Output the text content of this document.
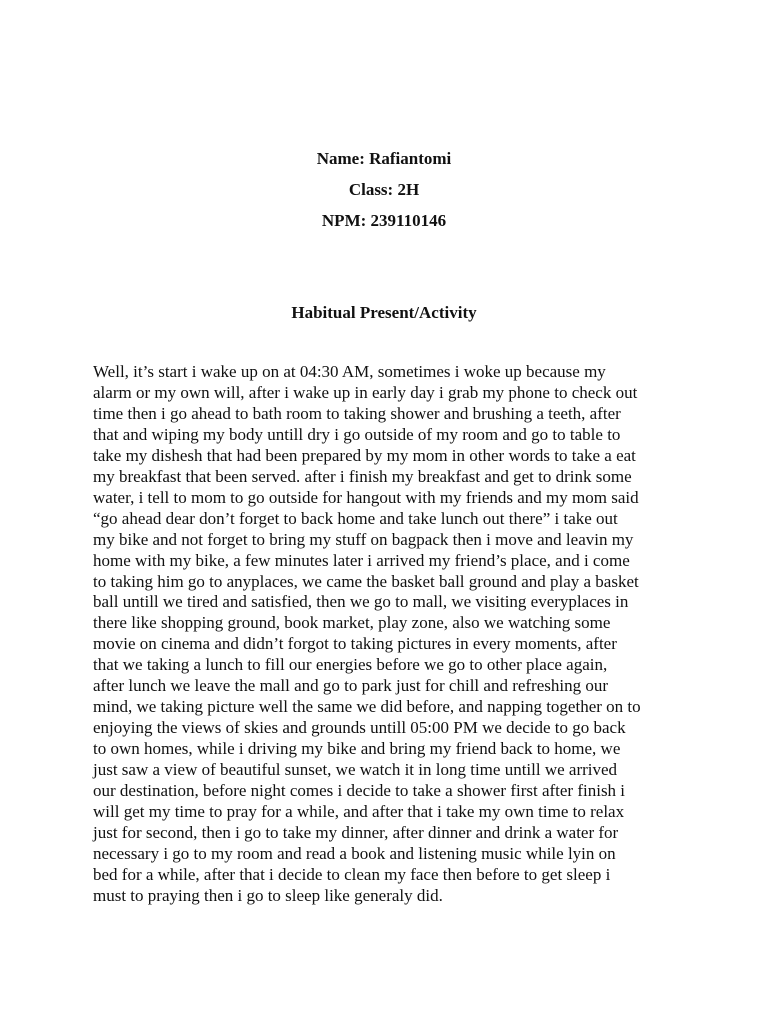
Name: Rafiantomi
Class: 2H
NPM: 239110146
Habitual Present/Activity

Well, it’s start i wake up on at 04:30 AM, sometimes i woke up because my
alarm or my own will, after i wake up in early day i grab my phone to check out
time then i go ahead to bath room to taking shower and brushing a teeth, after
that and wiping my body untill dry i go outside of my room and go to table to
take my dishesh that had been prepared by my mom in other words to take a eat
my breakfast that been served. after i finish my breakfast and get to drink some
water, i tell to mom to go outside for hangout with my friends and my mom said
“go ahead dear don’t forget to back home and take lunch out there” i take out
my bike and not forget to bring my stuff on bagpack then i move and leavin my
home with my bike, a few minutes later i arrived my friend’s place, and i come
to taking him go to anyplaces, we came the basket ball ground and play a basket
ball untill we tired and satisfied, then we go to mall, we visiting everyplaces in
there like shopping ground, book market, play zone, also we watching some
movie on cinema and didn’t forgot to taking pictures in every moments, after
that we taking a lunch to fill our energies before we go to other place again,
after lunch we leave the mall and go to park just for chill and refreshing our
mind, we taking picture well the same we did before, and napping together on to
enjoying the views of skies and grounds untill 05:00 PM we decide to go back
to own homes, while i driving my bike and bring my friend back to home, we
just saw a view of beautiful sunset, we watch it in long time untill we arrived
our destination, before night comes i decide to take a shower first after finish i
will get my time to pray for a while, and after that i take my own time to relax
just for second, then i go to take my dinner, after dinner and drink a water for
necessary i go to my room and read a book and listening music while lyin on
bed for a while, after that i decide to clean my face then before to get sleep i
must to praying then i go to sleep like generaly did.
